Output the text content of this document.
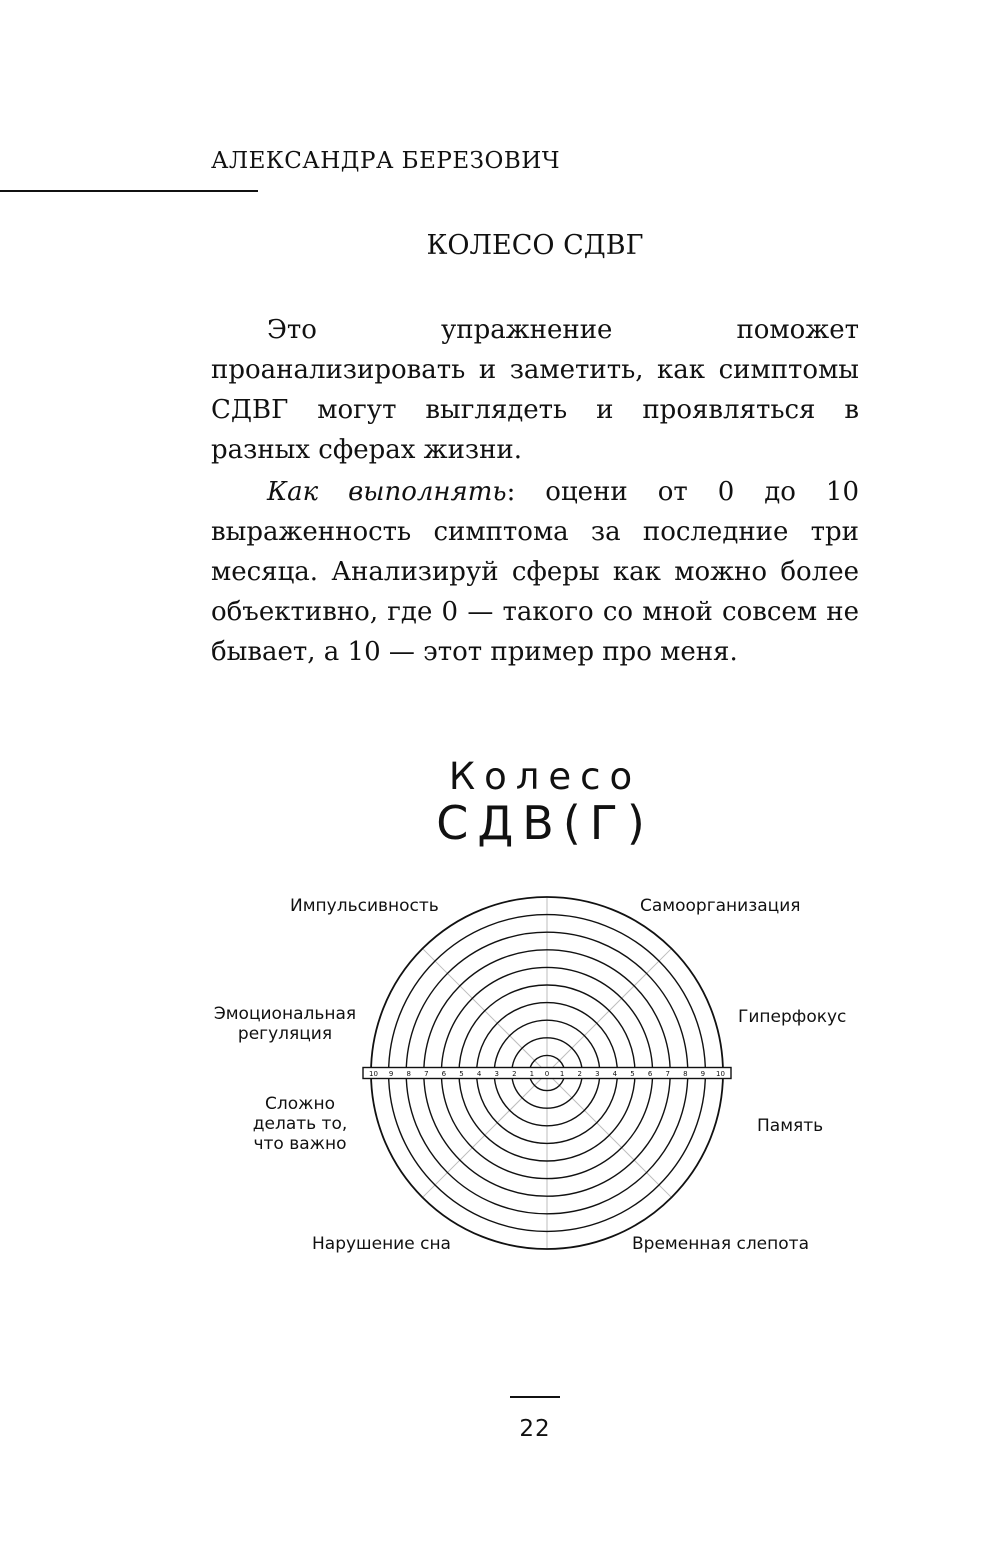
АЛЕКСАНДРА БЕРЕЗОВИЧ
КОЛЕСО СДВГ

Это упражнение поможет проанализировать и заметить, как симптомы СДВГ могут выглядеть и проявляться в разных сферах жизни.

Как выполнять: оцени от 0 до 10 выраженность симптома за последние три месяца. Анализируй сферы как можно более объективно, где 0 — такого со мной совсем не бывает, а 10 — этот пример про меня.

Колесо
СДВ(Г)
0
1	1
2	2
3	3
4	4
5	5
6	6
7	7
8	8
9	9
10	10
Импульсивность	Самоорганизация
Эмоциональная
регуляция
Гиперфокус
Сложно
делать то,
что важно
Память
Нарушение сна	Временная слепота
22
